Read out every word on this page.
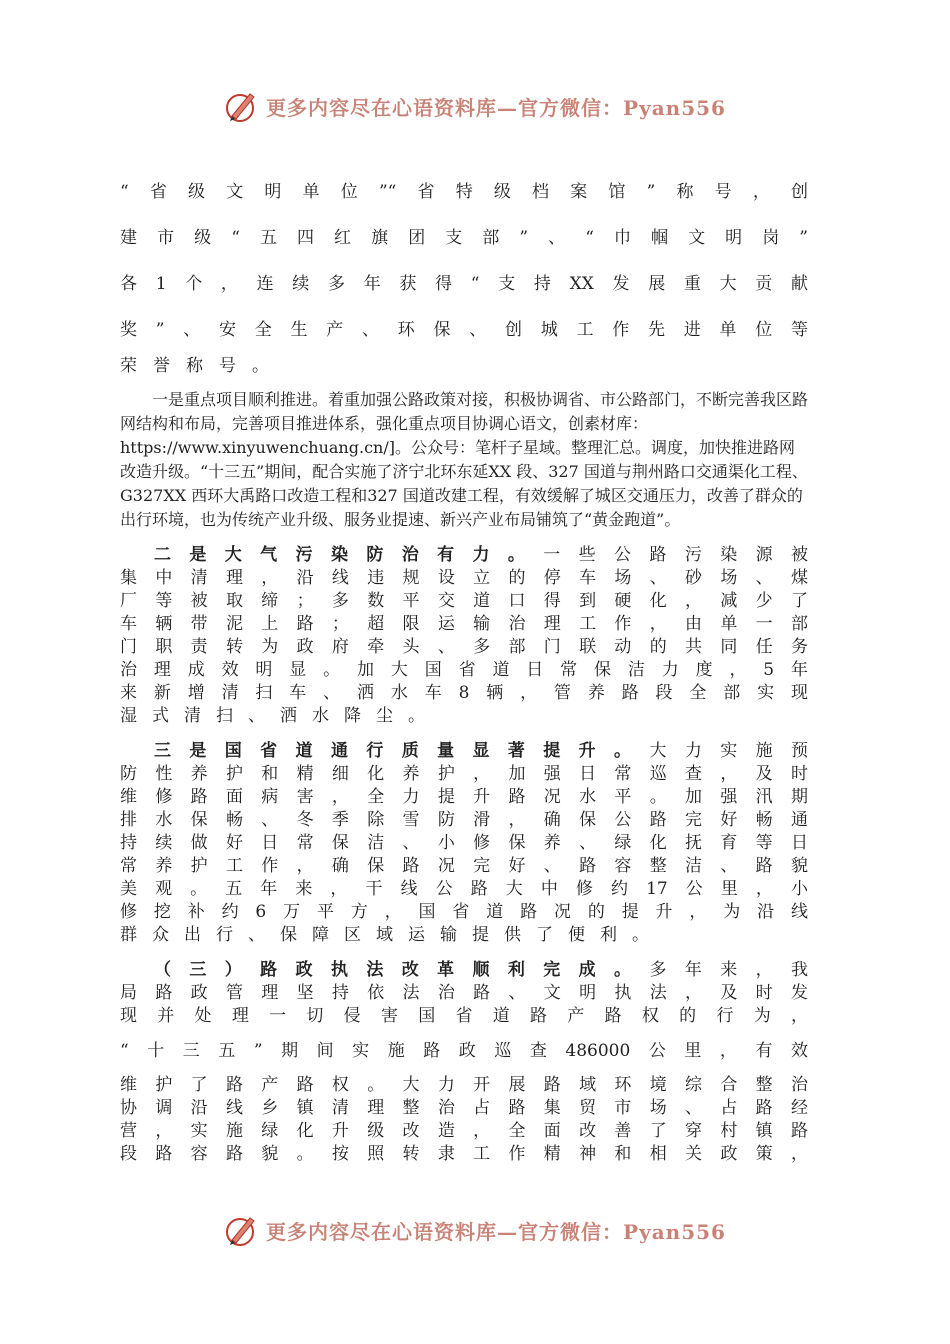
更多内容尽在心语资料库—官方微信：Pyan556
“省级文明单位”“省特级档案馆”称号，创
建市级“五四红旗团支部”、“巾帼文明岗”
各1个，连续多年获得“支持XX发展重大贡献
奖”、安全生产、环保、创城工作先进单位等
荣誉称号。

一是重点项目顺利推进。着重加强公路政策对接，积极协调省、市公路部门，不断完善我区路网结构和布局，完善项目推进体系，强化重点项目协调心语文，创素材库：https://www.xinyuwenchuang.cn/]。公众号：笔杆子星域。整理汇总。调度，加快推进路网改造升级。“十三五”期间，配合实施了济宁北环东延XX 段、327 国道与荆州路口交通渠化工程、G327XX 西环大禹路口改造工程和327 国道改建工程，有效缓解了城区交通压力，改善了群众的出行环境，也为传统产业升级、服务业提速、新兴产业布局铺筑了“黄金跑道”。

二是大气污染防治有力。一些公路污染源被
集中清理，沿线违规设立的停车场、砂场、煤
厂等被取缔；多数平交道口得到硬化，减少了
车辆带泥上路；超限运输治理工作，由单一部
门职责转为政府牵头、多部门联动的共同任务
治理成效明显。加大国省道日常保洁力度，5年
来新增清扫车、洒水车8辆，管养路段全部实现
湿式清扫、洒水降尘。
三是国省道通行质量显著提升。大力实施预
防性养护和精细化养护，加强日常巡查，及时
维修路面病害，全力提升路况水平。加强汛期
排水保畅、冬季除雪防滑，确保公路完好畅通
持续做好日常保洁、小修保养、绿化抚育等日
常养护工作，确保路况完好、路容整洁、路貌
美观。五年来，干线公路大中修约17公里，小
修挖补约6万平方，国省道路况的提升，为沿线
群众出行、保障区域运输提供了便利。
（三）路政执法改革顺利完成。多年来，我
局路政管理坚持依法治路、文明执法，及时发
现并处理一切侵害国省道路产路权的行为，
“十三五”期间实施路政巡查486000公里，有效
维护了路产路权。大力开展路域环境综合整治
协调沿线乡镇清理整治占路集贸市场、占路经
营，实施绿化升级改造，全面改善了穿村镇路
段路容路貌。按照转隶工作精神和相关政策，
更多内容尽在心语资料库—官方微信：Pyan556
